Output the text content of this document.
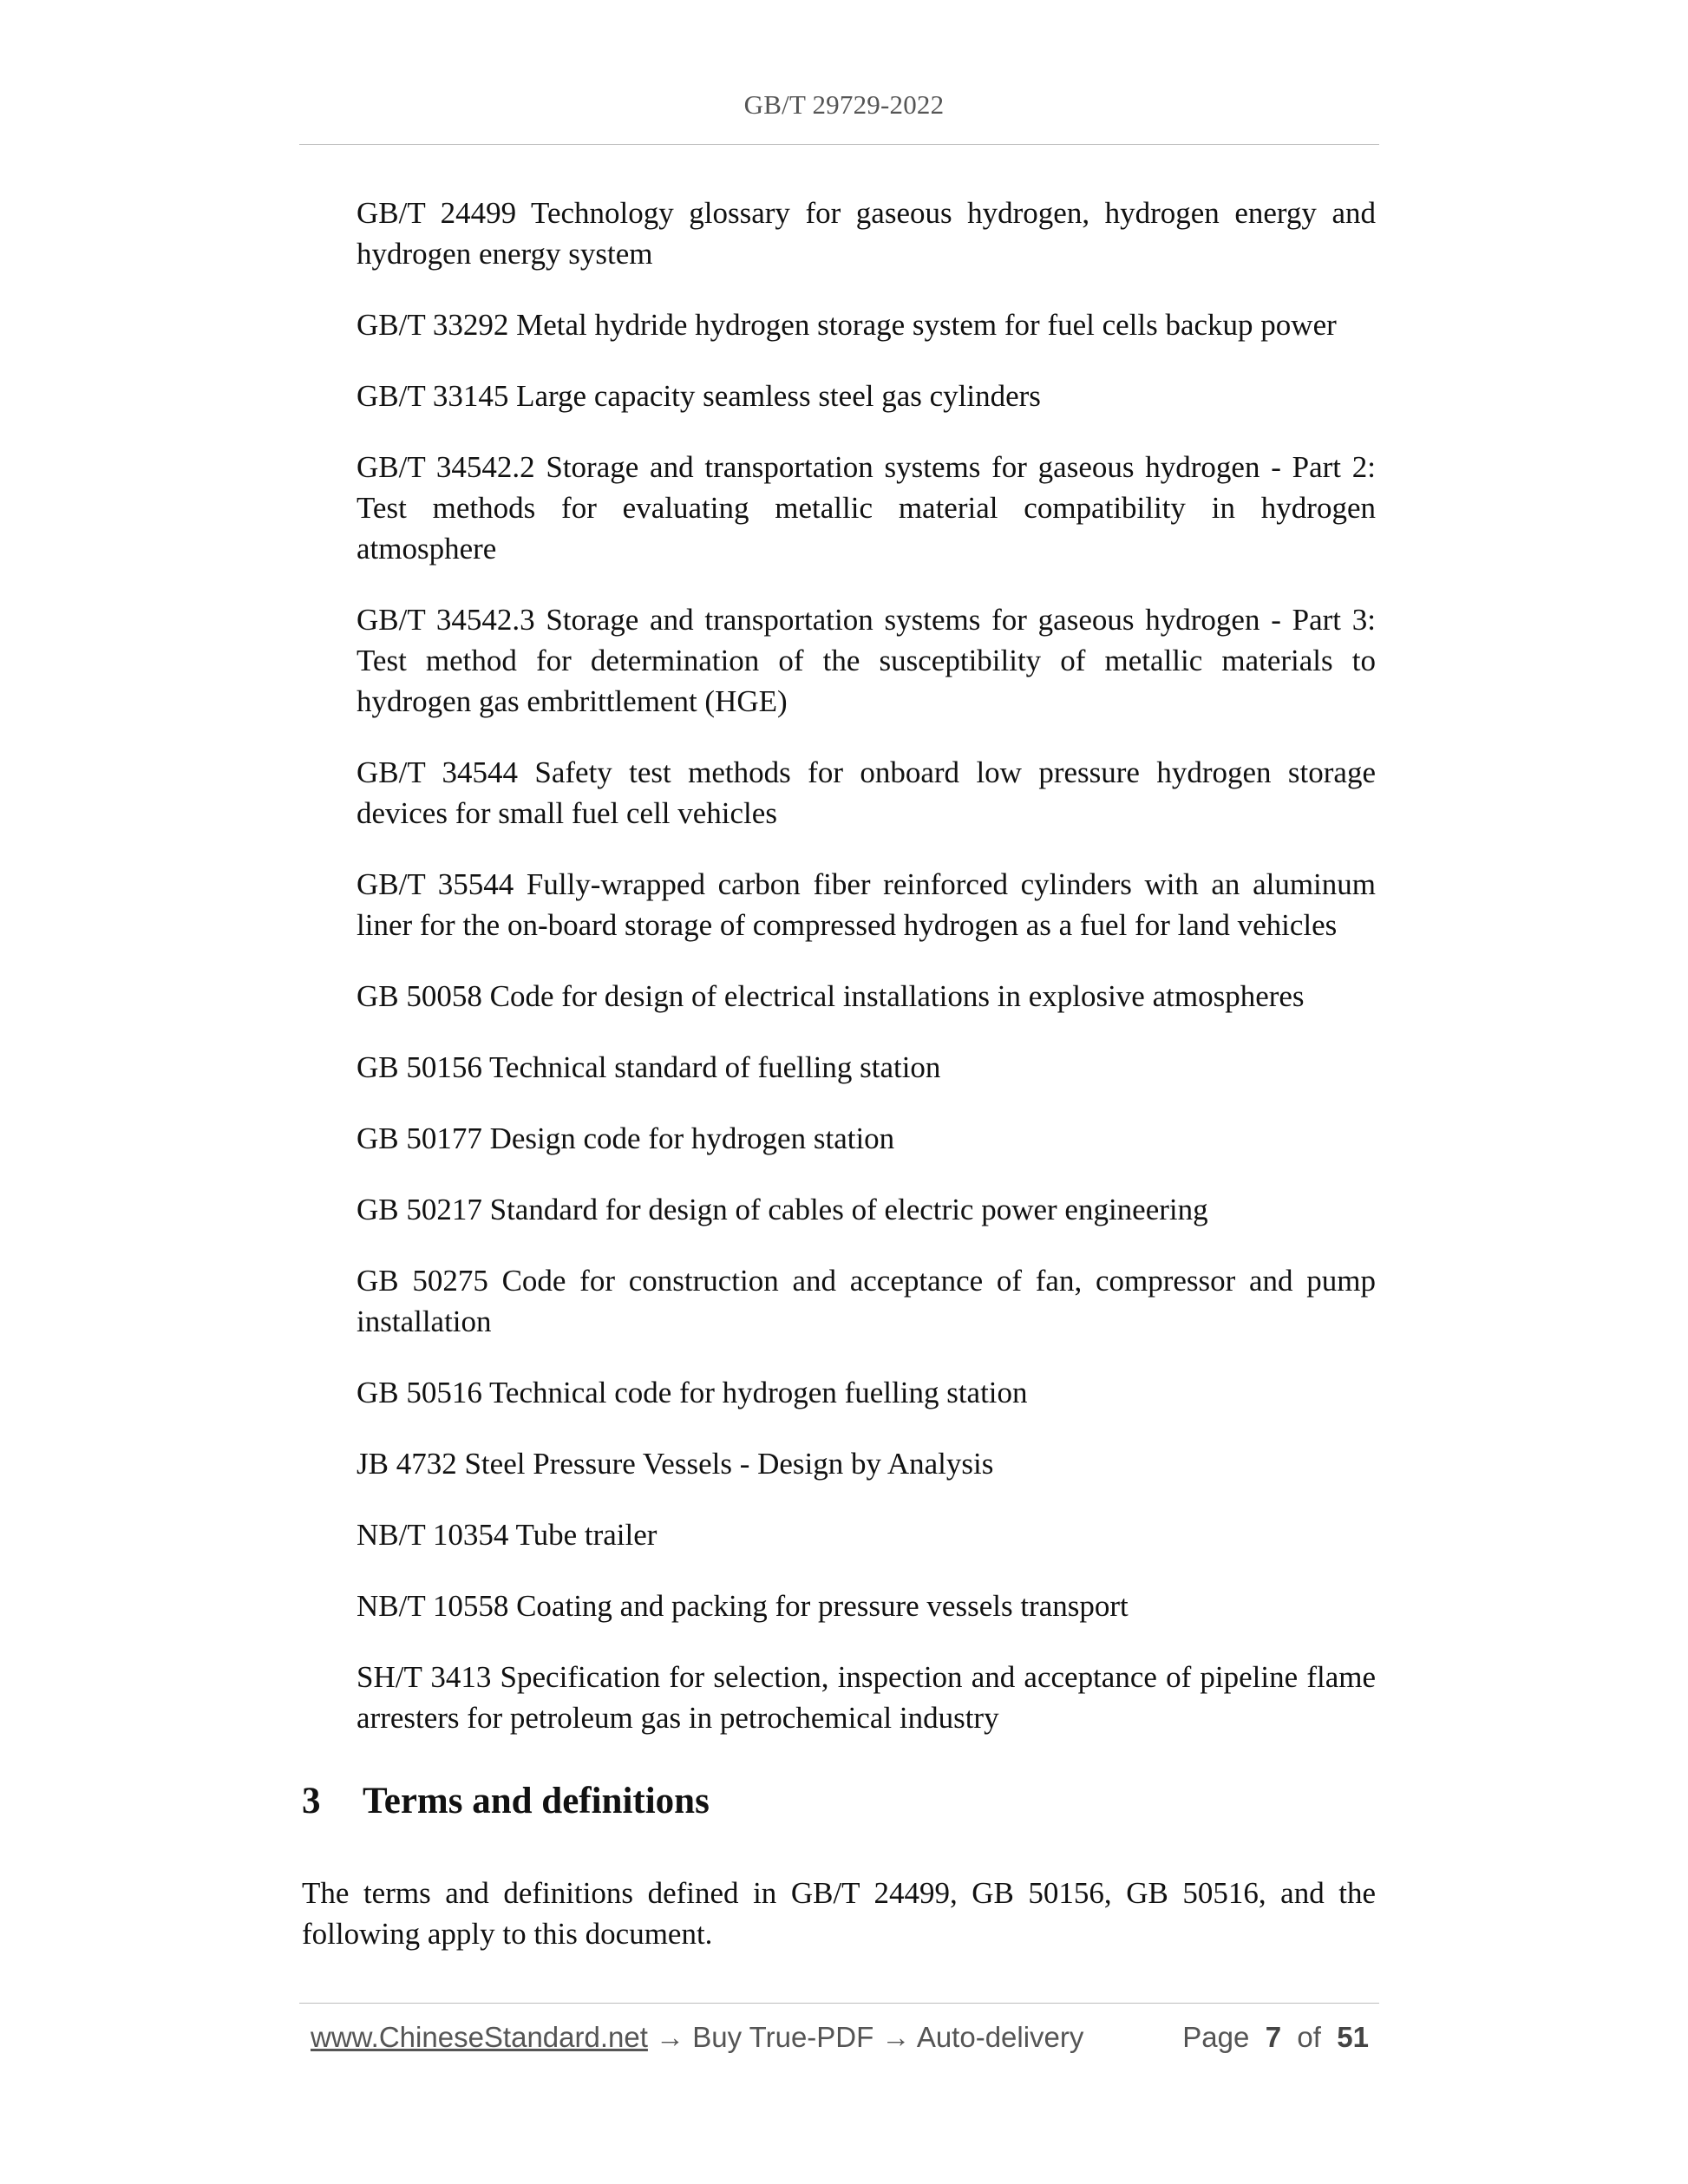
GB/T 29729-2022
GB/T 24499 Technology glossary for gaseous hydrogen, hydrogen energy and hydrogen energy system
GB/T 33292 Metal hydride hydrogen storage system for fuel cells backup power
GB/T 33145 Large capacity seamless steel gas cylinders
GB/T 34542.2 Storage and transportation systems for gaseous hydrogen - Part 2: Test methods for evaluating metallic material compatibility in hydrogen atmosphere
GB/T 34542.3 Storage and transportation systems for gaseous hydrogen - Part 3: Test method for determination of the susceptibility of metallic materials to hydrogen gas embrittlement (HGE)
GB/T 34544 Safety test methods for onboard low pressure hydrogen storage devices for small fuel cell vehicles
GB/T 35544 Fully-wrapped carbon fiber reinforced cylinders with an aluminum liner for the on-board storage of compressed hydrogen as a fuel for land vehicles
GB 50058 Code for design of electrical installations in explosive atmospheres
GB 50156 Technical standard of fuelling station
GB 50177 Design code for hydrogen station
GB 50217 Standard for design of cables of electric power engineering
GB 50275 Code for construction and acceptance of fan, compressor and pump installation
GB 50516 Technical code for hydrogen fuelling station
JB 4732 Steel Pressure Vessels - Design by Analysis
NB/T 10354 Tube trailer
NB/T 10558 Coating and packing for pressure vessels transport
SH/T 3413 Specification for selection, inspection and acceptance of pipeline flame arresters for petroleum gas in petrochemical industry
3	Terms and definitions

The terms and definitions defined in GB/T 24499, GB 50156, GB 50516, and the following apply to this document.

www.ChineseStandard.net → Buy True-PDF → Auto-delivery	Page 7 of 51
